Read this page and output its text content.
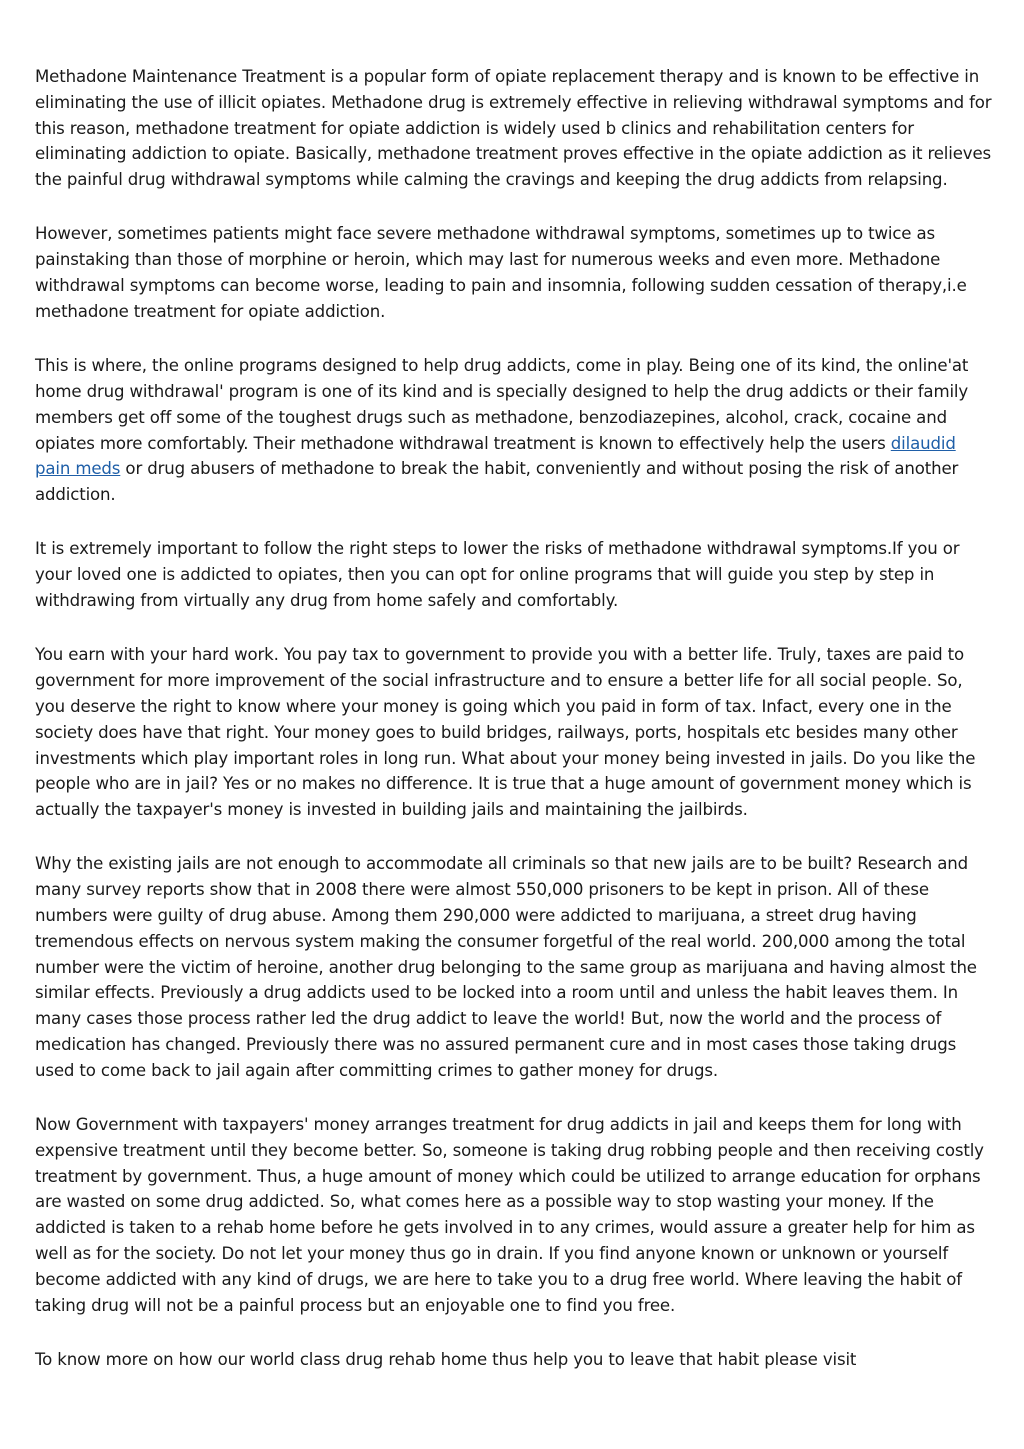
Methadone Maintenance Treatment is a popular form of opiate replacement therapy and is known to be effective in eliminating the use of illicit opiates. Methadone drug is extremely effective in relieving withdrawal symptoms and for this reason, methadone treatment for opiate addiction is widely used b clinics and rehabilitation centers for eliminating addiction to opiate. Basically, methadone treatment proves effective in the opiate addiction as it relieves the painful drug withdrawal symptoms while calming the cravings and keeping the drug addicts from relapsing.

However, sometimes patients might face severe methadone withdrawal symptoms, sometimes up to twice as painstaking than those of morphine or heroin, which may last for numerous weeks and even more. Methadone withdrawal symptoms can become worse, leading to pain and insomnia, following sudden cessation of therapy,i.e methadone treatment for opiate addiction.

This is where, the online programs designed to help drug addicts, come in play. Being one of its kind, the online'at home drug withdrawal' program is one of its kind and is specially designed to help the drug addicts or their family members get off some of the toughest drugs such as methadone, benzodiazepines, alcohol, crack, cocaine and opiates more comfortably. Their methadone withdrawal treatment is known to effectively help the users dilaudid pain meds or drug abusers of methadone to break the habit, conveniently and without posing the risk of another addiction.

It is extremely important to follow the right steps to lower the risks of methadone withdrawal symptoms.If you or your loved one is addicted to opiates, then you can opt for online programs that will guide you step by step in withdrawing from virtually any drug from home safely and comfortably.

You earn with your hard work. You pay tax to government to provide you with a better life. Truly, taxes are paid to government for more improvement of the social infrastructure and to ensure a better life for all social people. So, you deserve the right to know where your money is going which you paid in form of tax. Infact, every one in the society does have that right. Your money goes to build bridges, railways, ports, hospitals etc besides many other investments which play important roles in long run. What about your money being invested in jails. Do you like the people who are in jail? Yes or no makes no difference. It is true that a huge amount of government money which is actually the taxpayer's money is invested in building jails and maintaining the jailbirds.

Why the existing jails are not enough to accommodate all criminals so that new jails are to be built? Research and many survey reports show that in 2008 there were almost 550,000 prisoners to be kept in prison. All of these numbers were guilty of drug abuse. Among them 290,000 were addicted to marijuana, a street drug having tremendous effects on nervous system making the consumer forgetful of the real world. 200,000 among the total number were the victim of heroine, another drug belonging to the same group as marijuana and having almost the similar effects. Previously a drug addicts used to be locked into a room until and unless the habit leaves them. In many cases those process rather led the drug addict to leave the world! But, now the world and the process of medication has changed. Previously there was no assured permanent cure and in most cases those taking drugs used to come back to jail again after committing crimes to gather money for drugs.

Now Government with taxpayers' money arranges treatment for drug addicts in jail and keeps them for long with expensive treatment until they become better. So, someone is taking drug robbing people and then receiving costly treatment by government. Thus, a huge amount of money which could be utilized to arrange education for orphans are wasted on some drug addicted. So, what comes here as a possible way to stop wasting your money. If the addicted is taken to a rehab home before he gets involved in to any crimes, would assure a greater help for him as well as for the society. Do not let your money thus go in drain. If you find anyone known or unknown or yourself become addicted with any kind of drugs, we are here to take you to a drug free world. Where leaving the habit of taking drug will not be a painful process but an enjoyable one to find you free.

To know more on how our world class drug rehab home thus help you to leave that habit please visit
